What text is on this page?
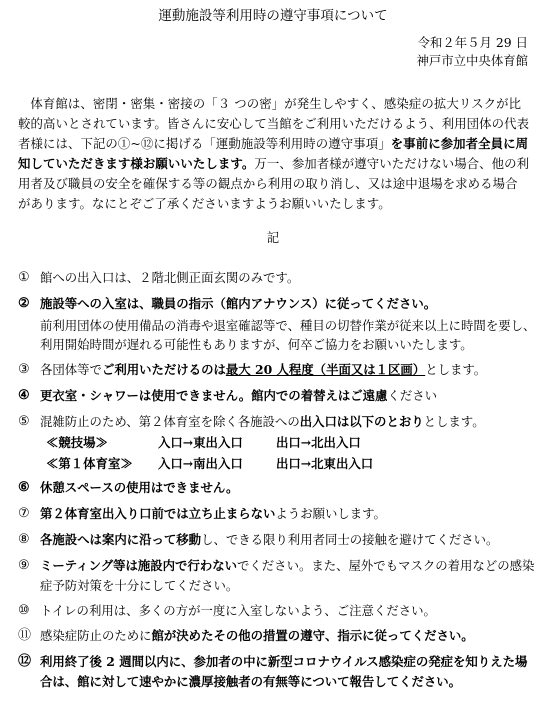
運動施設等利用時の遵守事項について
令和２年５月 29 日
神戸市立中央体育館
体育館は、密閉・密集・密接の「３ つの密」が発生しやすく、感染症の拡大リスクが比較的高いとされています。皆さんに安心して当館をご利用いただけるよう、利用団体の代表者様には、下記の①~⑫に掲げる「運動施設等利用時の遵守事項」を事前に参加者全員に周知していただきます様お願いいたします。万一、参加者様が遵守いただけない場合、他の利用者及び職員の安全を確保する等の観点から利用の取り消し、又は途中退場を求める場合があります。なにとぞご了承くださいますようお願いいたします。
記
① 館への出入口は、２階北側正面玄関のみです。
② 施設等への入室は、職員の指示（館内アナウンス）に従ってください。
前利用団体の使用備品の消毒や退室確認等で、種目の切替作業が従来以上に時間を要し、利用開始時間が遅れる可能性もありますが、何卒ご協力をお願いいたします。
③ 各団体等でご利用いただけるのは最大 20 人程度（半面又は１区画）とします。
④ 更衣室・シャワーは使用できません。館内での着替えはご遠慮ください
⑤ 混雑防止のため、第２体育室を除く各施設への出入口は以下のとおりとします。
≪競技場≫	入口→東出入口	出口→北出入口
≪第１体育室≫	入口→南出入口	出口→北東出入口
⑥ 休憩スペースの使用はできません。
⑦ 第２体育室出入り口前では立ち止まらないようお願いします。
⑧ 各施設へは案内に沿って移動し、できる限り利用者同士の接触を避けてください。
⑨ ミーティング等は施設内で行わないでください。また、屋外でもマスクの着用などの感染症予防対策を十分にしてください。
⑩ トイレの利用は、多くの方が一度に入室しないよう、ご注意ください。
⑪ 感染症防止のために館が決めたその他の措置の遵守、指示に従ってください。
⑫ 利用終了後 2 週間以内に、参加者の中に新型コロナウイルス感染症の発症を知りえた場合は、館に対して速やかに濃厚接触者の有無等について報告してください。
